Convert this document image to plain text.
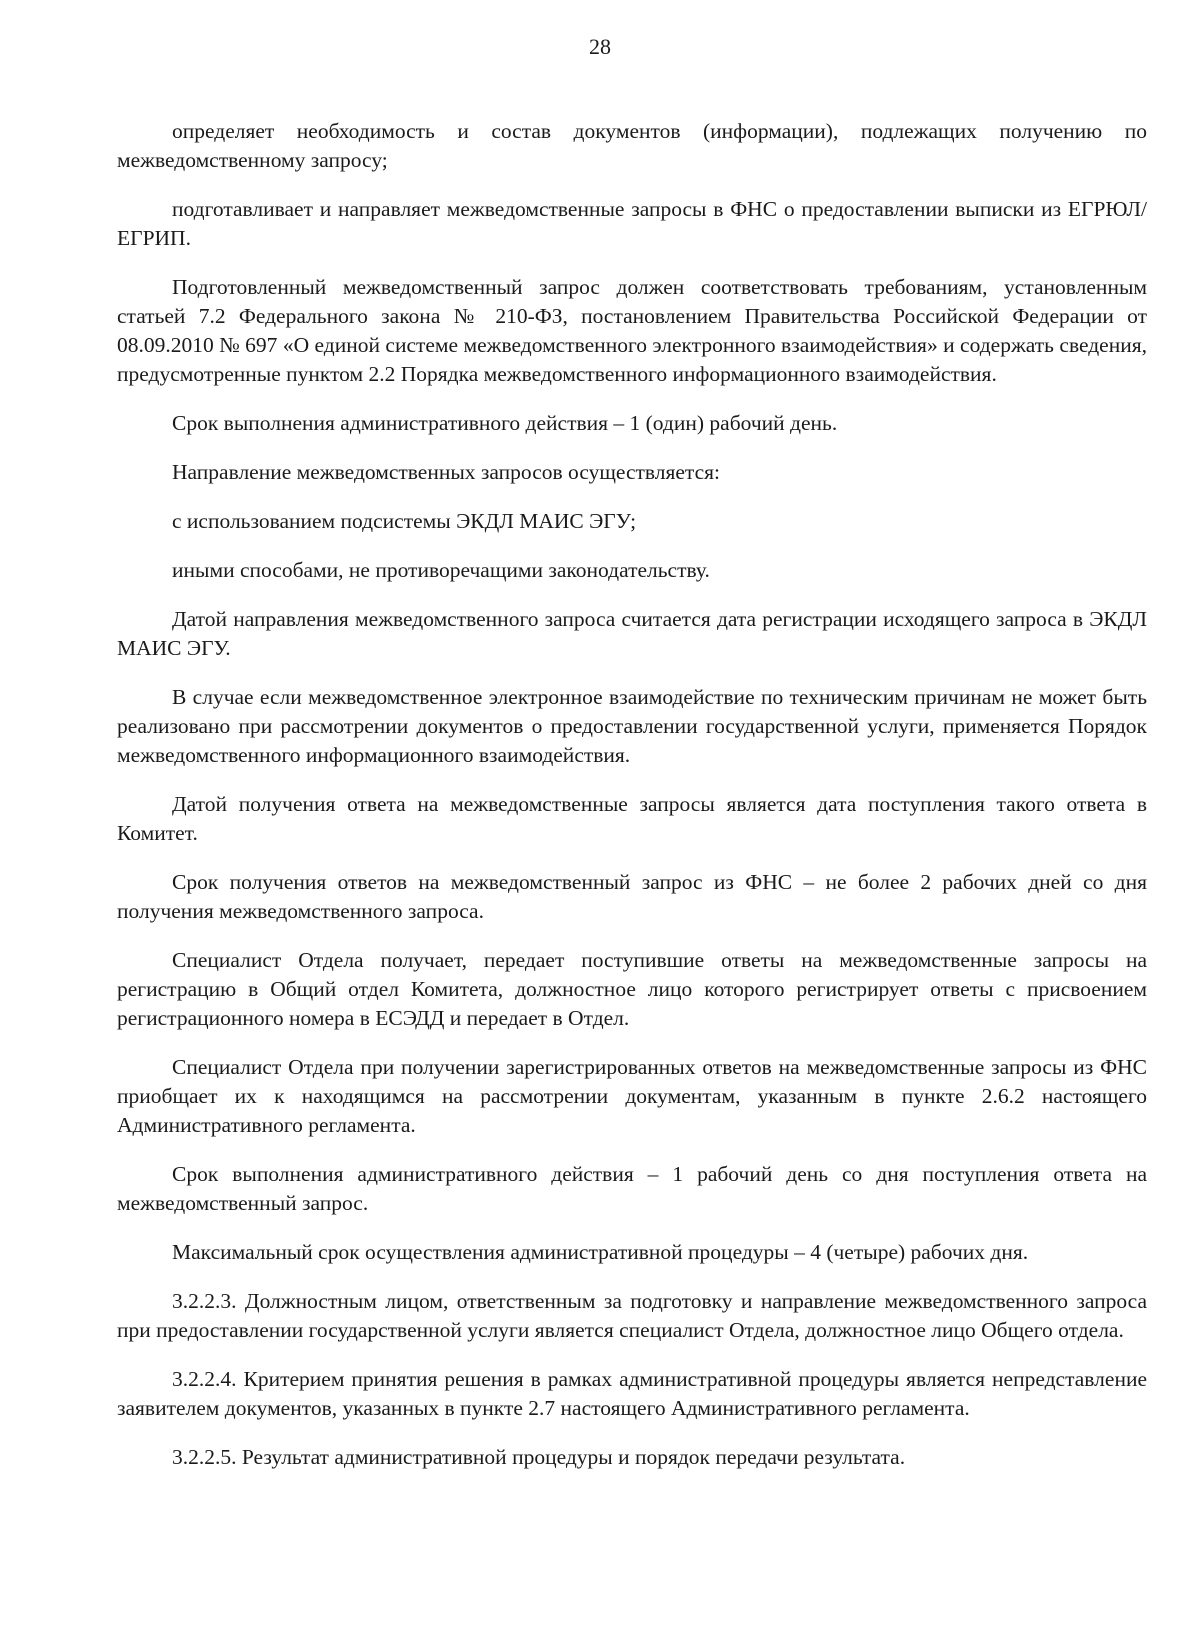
28

определяет необходимость и состав документов (информации), подлежащих получению по межведомственному запросу;

подготавливает и направляет межведомственные запросы в ФНС о предоставлении выписки из ЕГРЮЛ/ЕГРИП.

Подготовленный межведомственный запрос должен соответствовать требованиям, установленным статьей 7.2 Федерального закона № 210-ФЗ, постановлением Правительства Российской Федерации от 08.09.2010 № 697 «О единой системе межведомственного электронного взаимодействия» и содержать сведения, предусмотренные пунктом 2.2 Порядка межведомственного информационного взаимодействия.

Срок выполнения административного действия – 1 (один) рабочий день.

Направление межведомственных запросов осуществляется:

с использованием подсистемы ЭКДЛ МАИС ЭГУ;

иными способами, не противоречащими законодательству.

Датой направления межведомственного запроса считается дата регистрации исходящего запроса в ЭКДЛ МАИС ЭГУ.

В случае если межведомственное электронное взаимодействие по техническим причинам не может быть реализовано при рассмотрении документов о предоставлении государственной услуги, применяется Порядок межведомственного информационного взаимодействия.

Датой получения ответа на межведомственные запросы является дата поступления такого ответа в Комитет.

Срок получения ответов на межведомственный запрос из ФНС – не более 2 рабочих дней со дня получения межведомственного запроса.

Специалист Отдела получает, передает поступившие ответы на межведомственные запросы на регистрацию в Общий отдел Комитета, должностное лицо которого регистрирует ответы с присвоением регистрационного номера в ЕСЭДД и передает в Отдел.

Специалист Отдела при получении зарегистрированных ответов на межведомственные запросы из ФНС приобщает их к находящимся на рассмотрении документам, указанным в пункте 2.6.2 настоящего Административного регламента.

Срок выполнения административного действия – 1 рабочий день со дня поступления ответа на межведомственный запрос.

Максимальный срок осуществления административной процедуры – 4 (четыре) рабочих дня.

3.2.2.3. Должностным лицом, ответственным за подготовку и направление межведомственного запроса при предоставлении государственной услуги является специалист Отдела, должностное лицо Общего отдела.

3.2.2.4. Критерием принятия решения в рамках административной процедуры является непредставление заявителем документов, указанных в пункте 2.7 настоящего Административного регламента.

3.2.2.5. Результат административной процедуры и порядок передачи результата.
